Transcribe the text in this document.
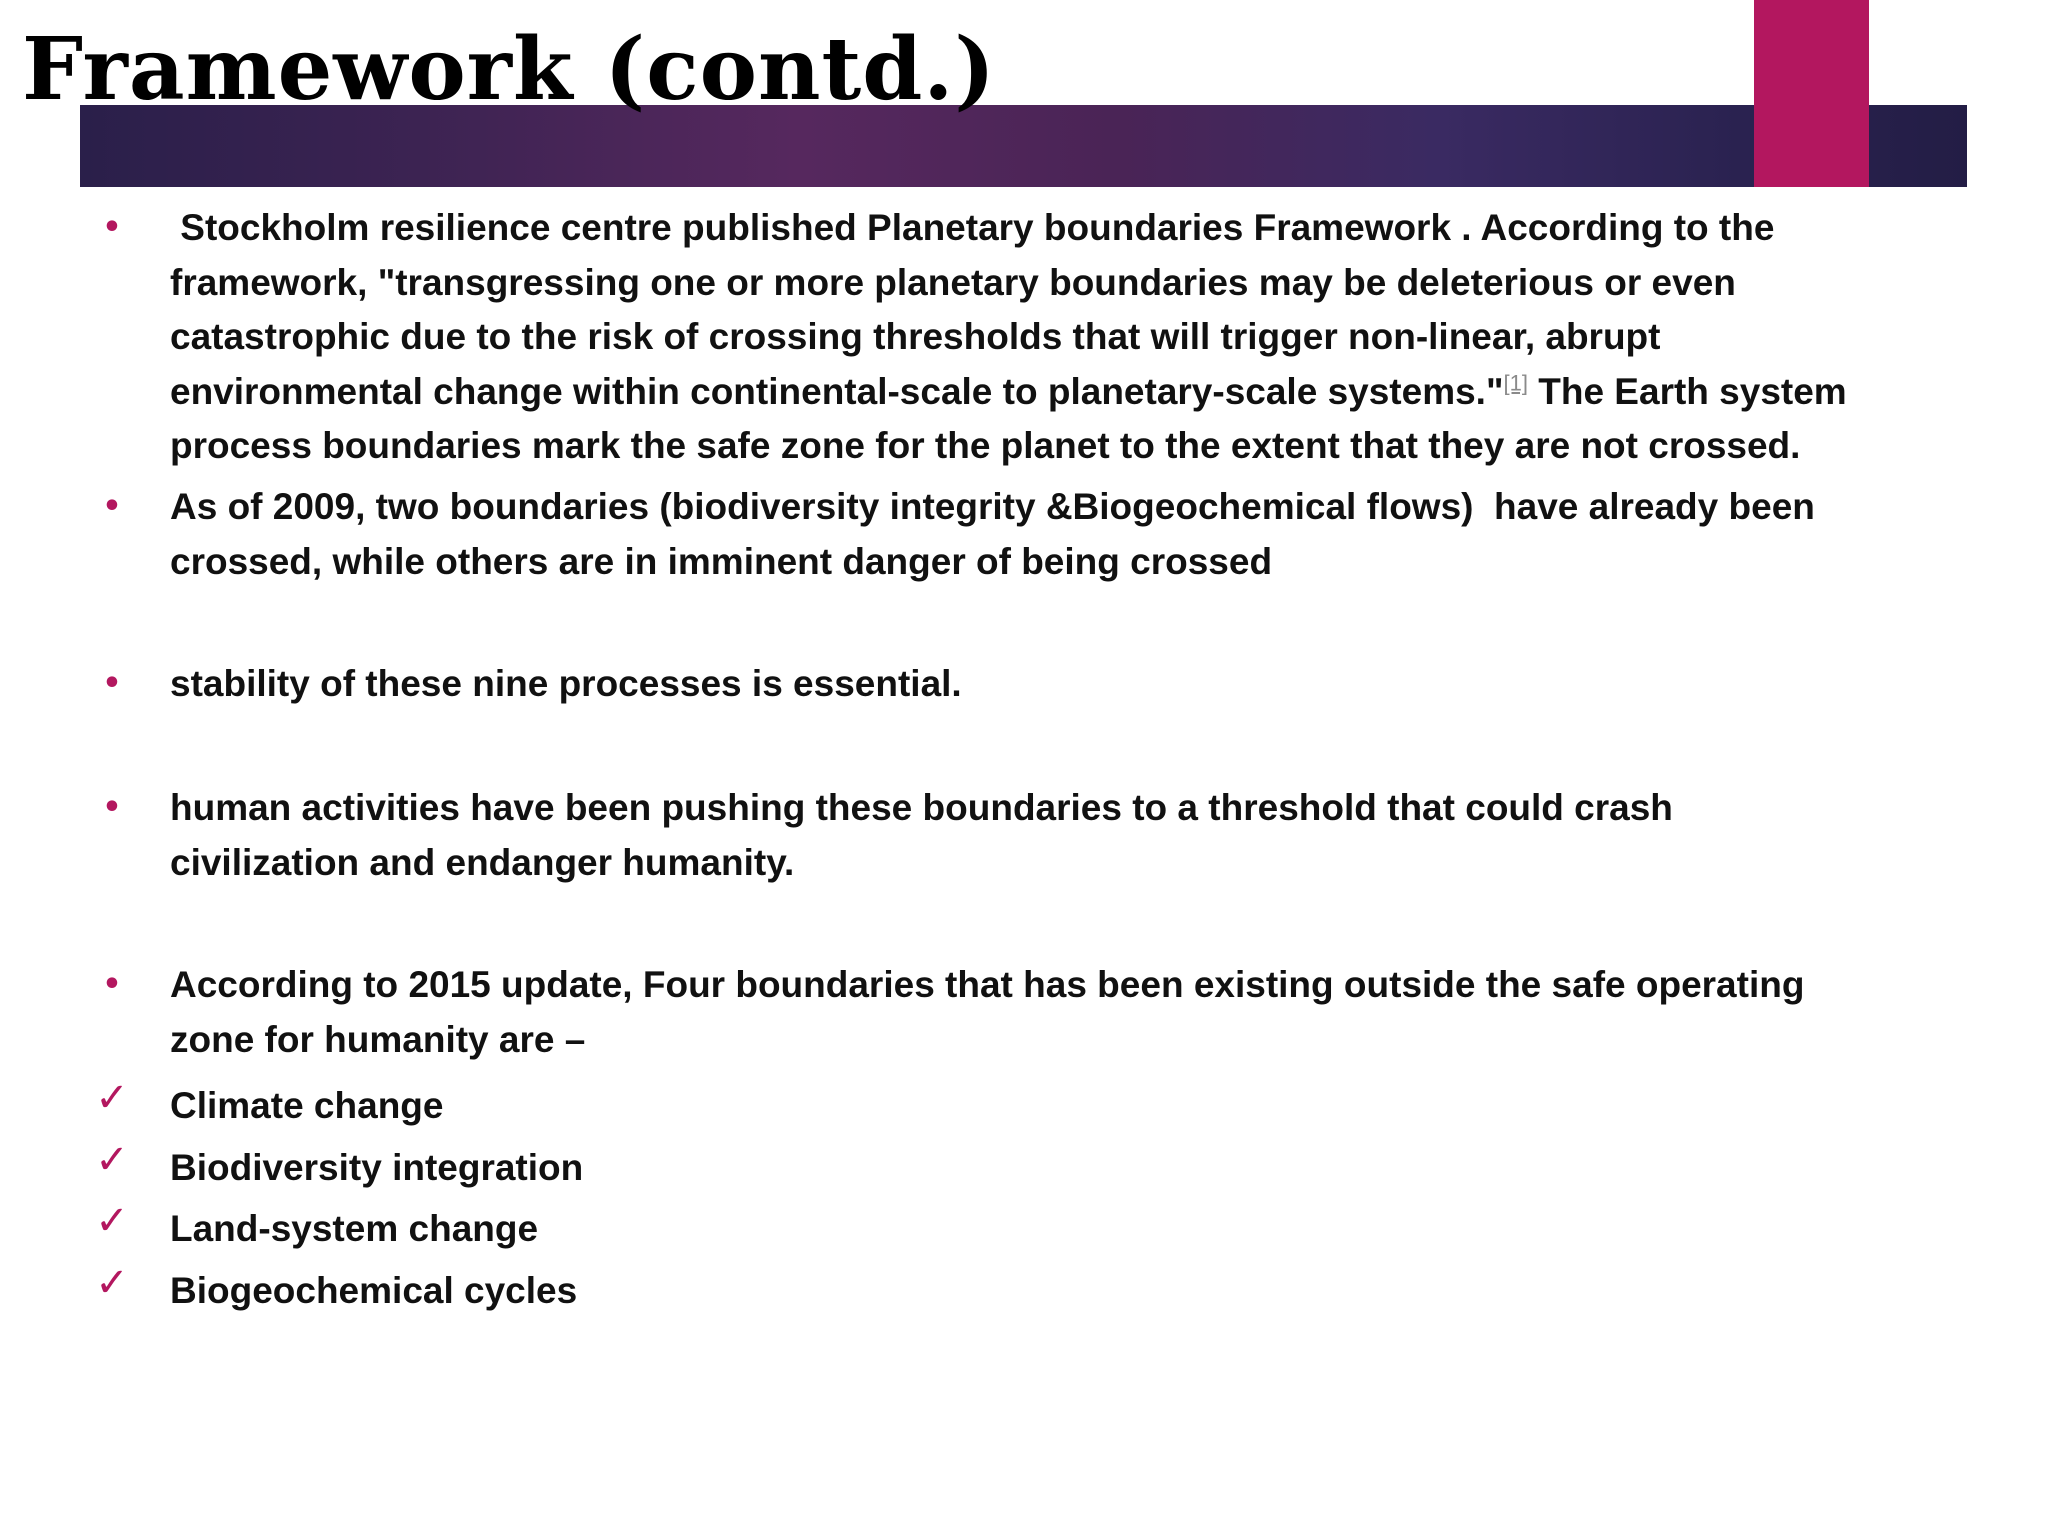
Framework (contd.)
• Stockholm resilience centre published Planetary boundaries Framework . According to the
framework, "transgressing one or more planetary boundaries may be deleterious or even
catastrophic due to the risk of crossing thresholds that will trigger non-linear, abrupt
environmental change within continental-scale to planetary-scale systems."[1] The Earth system
process boundaries mark the safe zone for the planet to the extent that they are not crossed.
• As of 2009, two boundaries (biodiversity integrity &Biogeochemical flows)  have already been
crossed, while others are in imminent danger of being crossed
• stability of these nine processes is essential.
• human activities have been pushing these boundaries to a threshold that could crash
civilization and endanger humanity.
• According to 2015 update, Four boundaries that has been existing outside the safe operating
zone for humanity are –
✓ Climate change
✓ Biodiversity integration
✓ Land-system change
✓ Biogeochemical cycles
